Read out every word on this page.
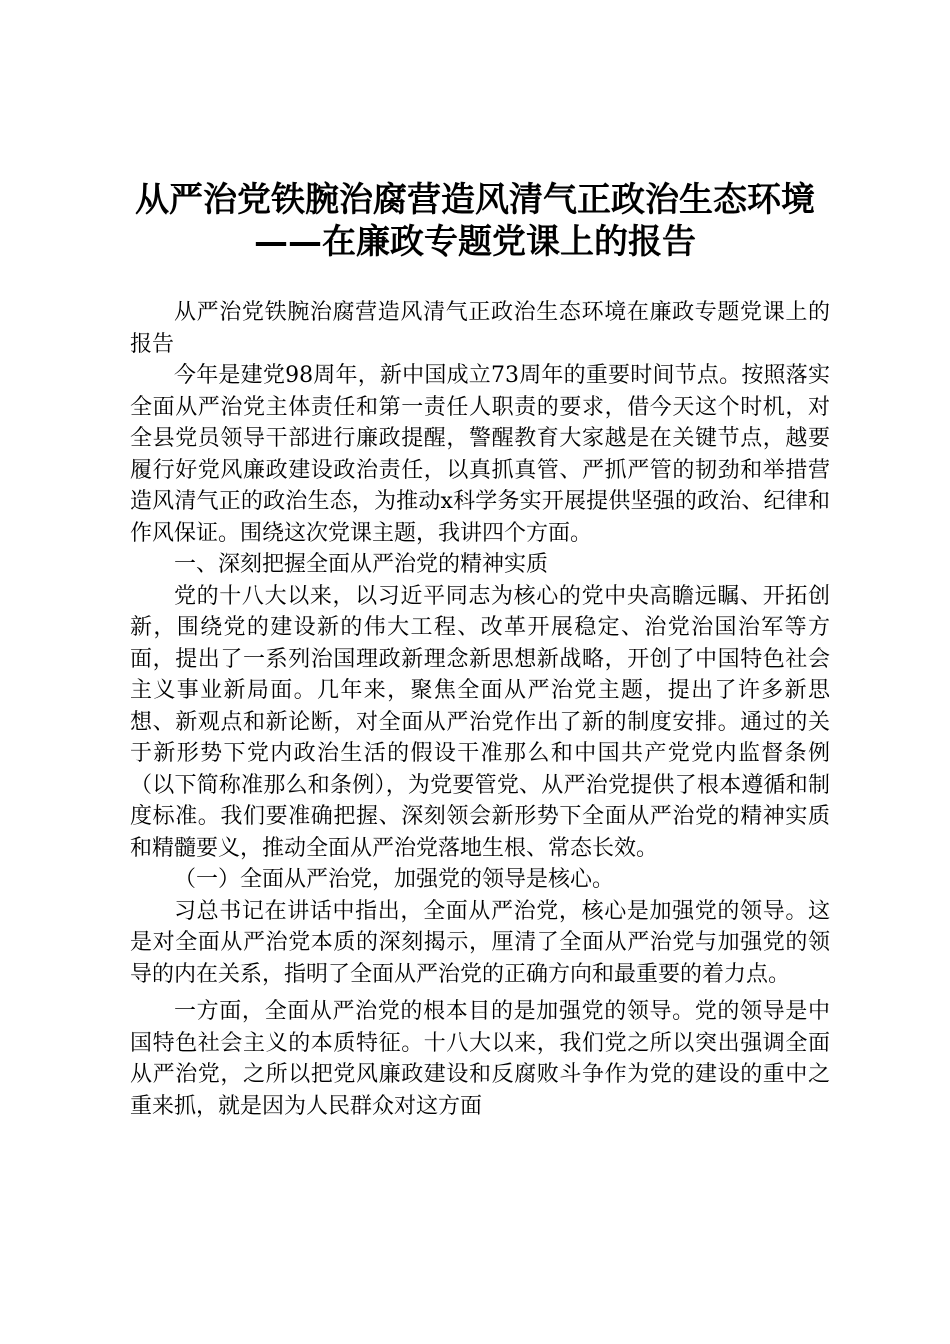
从严治党铁腕治腐营造风清气正政治生态环境
——在廉政专题党课上的报告

从严治党铁腕治腐营造风清气正政治生态环境在廉政专题党课上的报告

今年是建党98周年，新中国成立73周年的重要时间节点。按照落实全面从严治党主体责任和第一责任人职责的要求，借今天这个时机，对全县党员领导干部进行廉政提醒，警醒教育大家越是在关键节点，越要履行好党风廉政建设政治责任，以真抓真管、严抓严管的韧劲和举措营造风清气正的政治生态，为推动x科学务实开展提供坚强的政治、纪律和作风保证。围绕这次党课主题，我讲四个方面。

一、深刻把握全面从严治党的精神实质

党的十八大以来，以习近平同志为核心的党中央高瞻远瞩、开拓创新，围绕党的建设新的伟大工程、改革开展稳定、治党治国治军等方面，提出了一系列治国理政新理念新思想新战略，开创了中国特色社会主义事业新局面。几年来，聚焦全面从严治党主题，提出了许多新思想、新观点和新论断，对全面从严治党作出了新的制度安排。通过的关于新形势下党内政治生活的假设干准那么和中国共产党党内监督条例（以下简称准那么和条例），为党要管党、从严治党提供了根本遵循和制度标准。我们要准确把握、深刻领会新形势下全面从严治党的精神实质和精髓要义，推动全面从严治党落地生根、常态长效。

（一）全面从严治党，加强党的领导是核心。

习总书记在讲话中指出，全面从严治党，核心是加强党的领导。这是对全面从严治党本质的深刻揭示，厘清了全面从严治党与加强党的领导的内在关系，指明了全面从严治党的正确方向和最重要的着力点。

一方面，全面从严治党的根本目的是加强党的领导。党的领导是中国特色社会主义的本质特征。十八大以来，我们党之所以突出强调全面从严治党，之所以把党风廉政建设和反腐败斗争作为党的建设的重中之重来抓，就是因为人民群众对这方面
